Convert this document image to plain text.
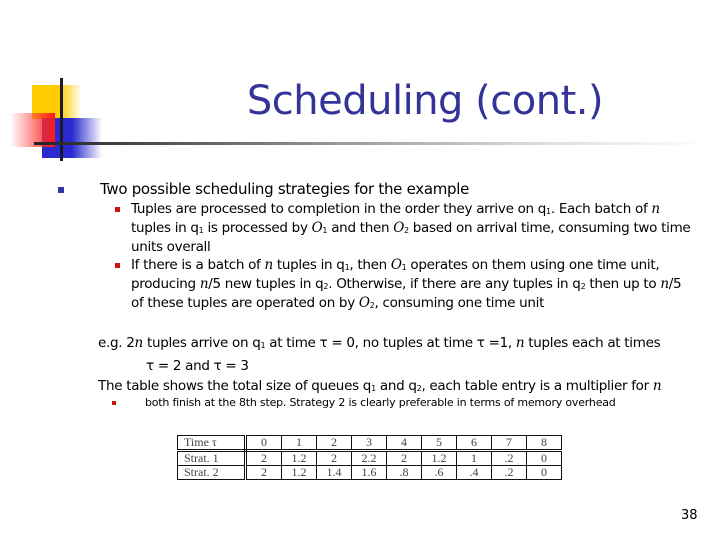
Scheduling (cont.)
Two possible scheduling strategies for the example
Tuples are processed to completion in the order they arrive on $q_1$. Each batch of n
tuples in $q_1$ is processed by $O_1$ and then $O_2$ based on arrival time, consuming two time
units overall
If there is a batch of n tuples in $q_1$, then $O_1$ operates on them using one time unit,
producing n/5 new tuples in $q_2$. Otherwise, if there are any tuples in $q_2$ then up to n/5
of these tuples are operated on by $O_2$, consuming one time unit
e.g. 2n tuples arrive on $q_1$ at time τ = 0, no tuples at time τ =1, n tuples each at times
τ = 2 and τ = 3
The table shows the total size of queues $q_1$ and $q_2$, each table entry is a multiplier for n
both finish at the 8th step. Strategy 2 is clearly preferable in terms of memory overhead
Time τ	0	1	2	3	4	5	6	7	8
Strat. 1	2	1.2	2	2.2	2	1.2	1	.2	0
Strat. 2	2	1.2	1.4	1.6	.8	.6	.4	.2	0
38
